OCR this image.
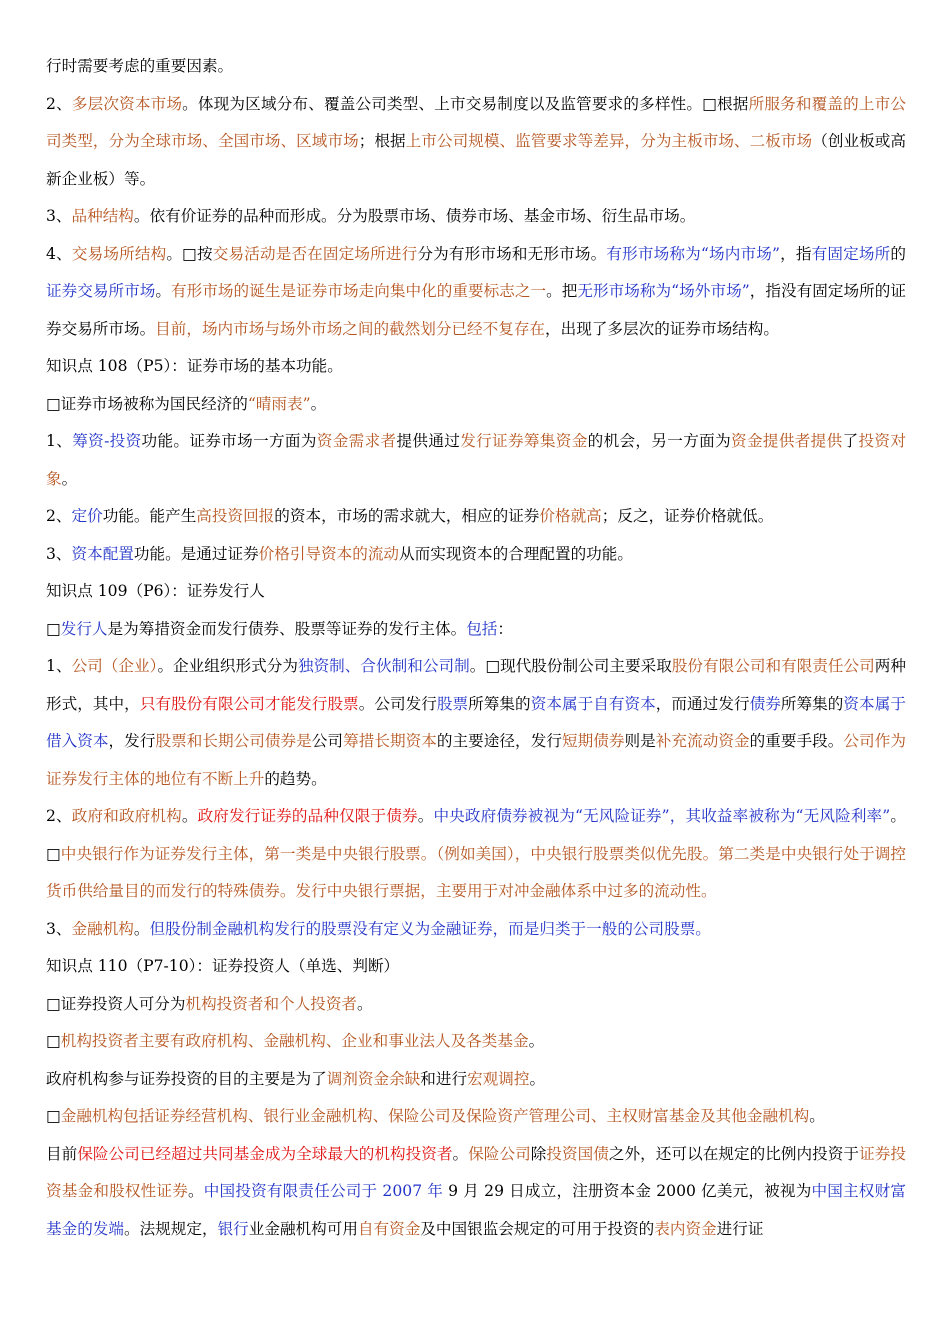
行时需要考虑的重要因素。

2、多层次资本市场。体现为区域分布、覆盖公司类型、上市交易制度以及监管要求的多样性。□根据所服务和覆盖的上市公司类型，分为全球市场、全国市场、区域市场；根据上市公司规模、监管要求等差异，分为主板市场、二板市场（创业板或高新企业板）等。

3、品种结构。依有价证券的品种而形成。分为股票市场、债券市场、基金市场、衍生品市场。

4、交易场所结构。□按交易活动是否在固定场所进行分为有形市场和无形市场。有形市场称为“场内市场”，指有固定场所的证券交易所市场。有形市场的诞生是证券市场走向集中化的重要标志之一。把无形市场称为“场外市场”，指没有固定场所的证券交易所市场。目前，场内市场与场外市场之间的截然划分已经不复存在，出现了多层次的证券市场结构。

知识点 108（P5）：证券市场的基本功能。

□证券市场被称为国民经济的“晴雨表”。

1、筹资-投资功能。证券市场一方面为资金需求者提供通过发行证券筹集资金的机会，另一方面为资金提供者提供了投资对象。

2、定价功能。能产生高投资回报的资本，市场的需求就大，相应的证券价格就高；反之，证券价格就低。

3、资本配置功能。是通过证券价格引导资本的流动从而实现资本的合理配置的功能。

知识点 109（P6）：证券发行人

□发行人是为筹措资金而发行债券、股票等证券的发行主体。包括：

1、公司（企业）。企业组织形式分为独资制、合伙制和公司制。□现代股份制公司主要采取股份有限公司和有限责任公司两种形式，其中，只有股份有限公司才能发行股票。公司发行股票所筹集的资本属于自有资本，而通过发行债券所筹集的资本属于借入资本，发行股票和长期公司债券是公司筹措长期资本的主要途径，发行短期债券则是补充流动资金的重要手段。公司作为证券发行主体的地位有不断上升的趋势。

2、政府和政府机构。政府发行证券的品种仅限于债券。中央政府债券被视为“无风险证券”，其收益率被称为“无风险利率”。□中央银行作为证券发行主体，第一类是中央银行股票。（例如美国），中央银行股票类似优先股。第二类是中央银行处于调控货币供给量目的而发行的特殊债券。发行中央银行票据，主要用于对冲金融体系中过多的流动性。

3、金融机构。但股份制金融机构发行的股票没有定义为金融证券，而是归类于一般的公司股票。

知识点 110（P7-10）：证券投资人（单选、判断）

□证券投资人可分为机构投资者和个人投资者。

□机构投资者主要有政府机构、金融机构、企业和事业法人及各类基金。

政府机构参与证券投资的目的主要是为了调剂资金余缺和进行宏观调控。

□金融机构包括证券经营机构、银行业金融机构、保险公司及保险资产管理公司、主权财富基金及其他金融机构。

目前保险公司已经超过共同基金成为全球最大的机构投资者。保险公司除投资国债之外，还可以在规定的比例内投资于证券投资基金和股权性证券。中国投资有限责任公司于 2007 年 9 月 29 日成立，注册资本金 2000 亿美元，被视为中国主权财富基金的发端。法规规定，银行业金融机构可用自有资金及中国银监会规定的可用于投资的表内资金进行证
